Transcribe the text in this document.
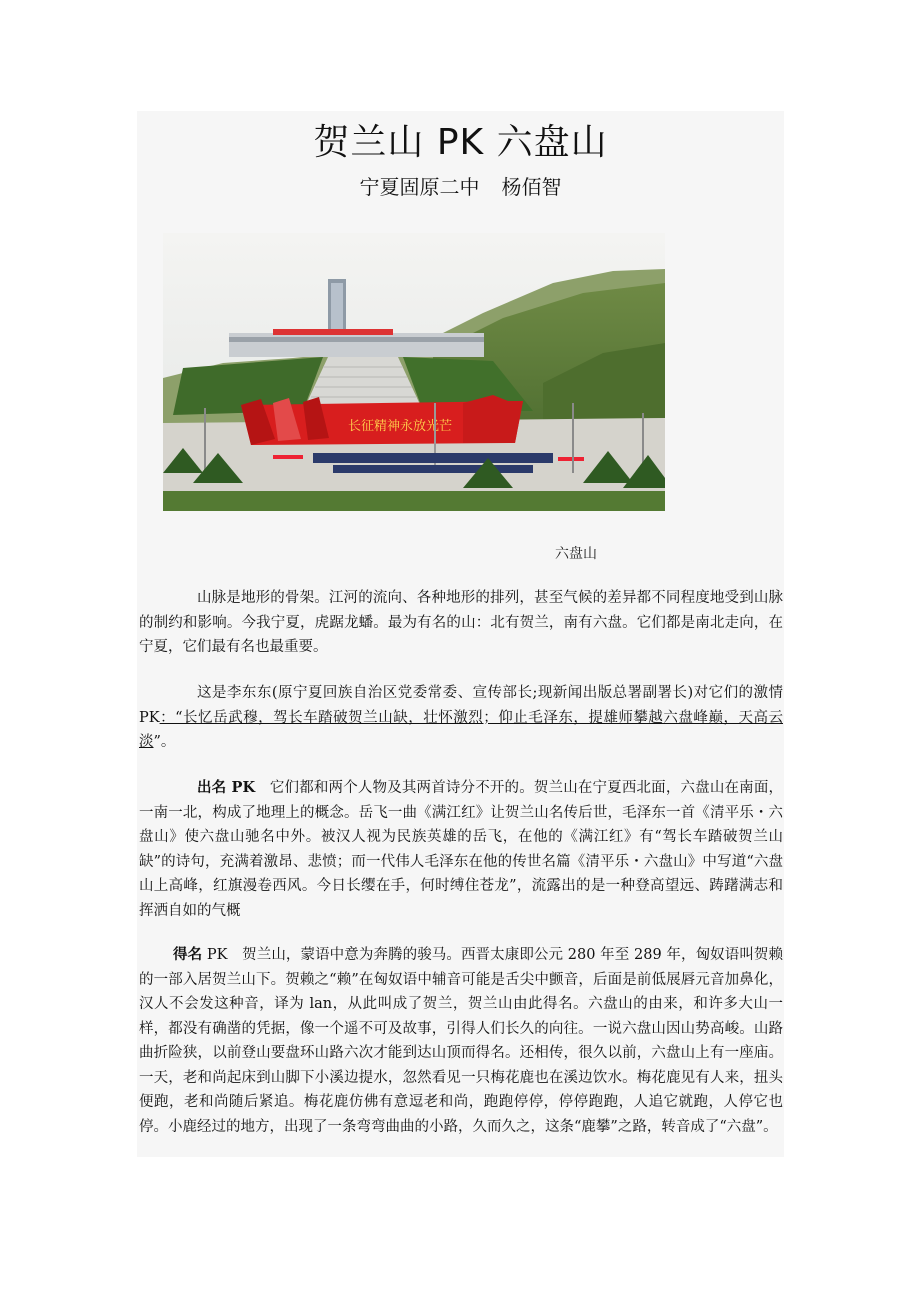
贺兰山 PK 六盘山
宁夏固原二中 杨佰智
长征精神永放光芒
六盘山

山脉是地形的骨架。江河的流向、各种地形的排列，甚至气候的差异都不同程度地受到山脉的制约和影响。今我宁夏，虎踞龙蟠。最为有名的山：北有贺兰，南有六盘。它们都是南北走向，在宁夏，它们最有名也最重要。

这是李东东(原宁夏回族自治区党委常委、宣传部长;现新闻出版总署副署长)对它们的激情 PK：“长忆岳武穆，驾长车踏破贺兰山缺，壮怀激烈；仰止毛泽东，提雄师攀越六盘峰巅，天高云淡”。

出名 PK　它们都和两个人物及其两首诗分不开的。贺兰山在宁夏西北面，六盘山在南面，一南一北，构成了地理上的概念。岳飞一曲《满江红》让贺兰山名传后世，毛泽东一首《清平乐・六盘山》使六盘山驰名中外。被汉人视为民族英雄的岳飞，在他的《满江红》有“驾长车踏破贺兰山缺”的诗句，充满着激昂、悲愤；而一代伟人毛泽东在他的传世名篇《清平乐・六盘山》中写道“六盘山上高峰，红旗漫卷西风。今日长缨在手，何时缚住苍龙”，流露出的是一种登高望远、踌躇满志和挥洒自如的气概

得名 PK　贺兰山，蒙语中意为奔腾的骏马。西晋太康即公元 280 年至 289 年，匈奴语叫贺赖的一部入居贺兰山下。贺赖之“赖”在匈奴语中辅音可能是舌尖中颤音，后面是前低展唇元音加鼻化，汉人不会发这种音，译为 lan，从此叫成了贺兰，贺兰山由此得名。六盘山的由来，和许多大山一样，都没有确凿的凭据，像一个遥不可及故事，引得人们长久的向往。一说六盘山因山势高峻。山路曲折险狭，以前登山要盘环山路六次才能到达山顶而得名。还相传，很久以前，六盘山上有一座庙。一天，老和尚起床到山脚下小溪边提水，忽然看见一只梅花鹿也在溪边饮水。梅花鹿见有人来，扭头便跑，老和尚随后紧追。梅花鹿仿佛有意逗老和尚，跑跑停停，停停跑跑，人追它就跑，人停它也停。小鹿经过的地方，出现了一条弯弯曲曲的小路，久而久之，这条“鹿攀”之路，转音成了“六盘”。
